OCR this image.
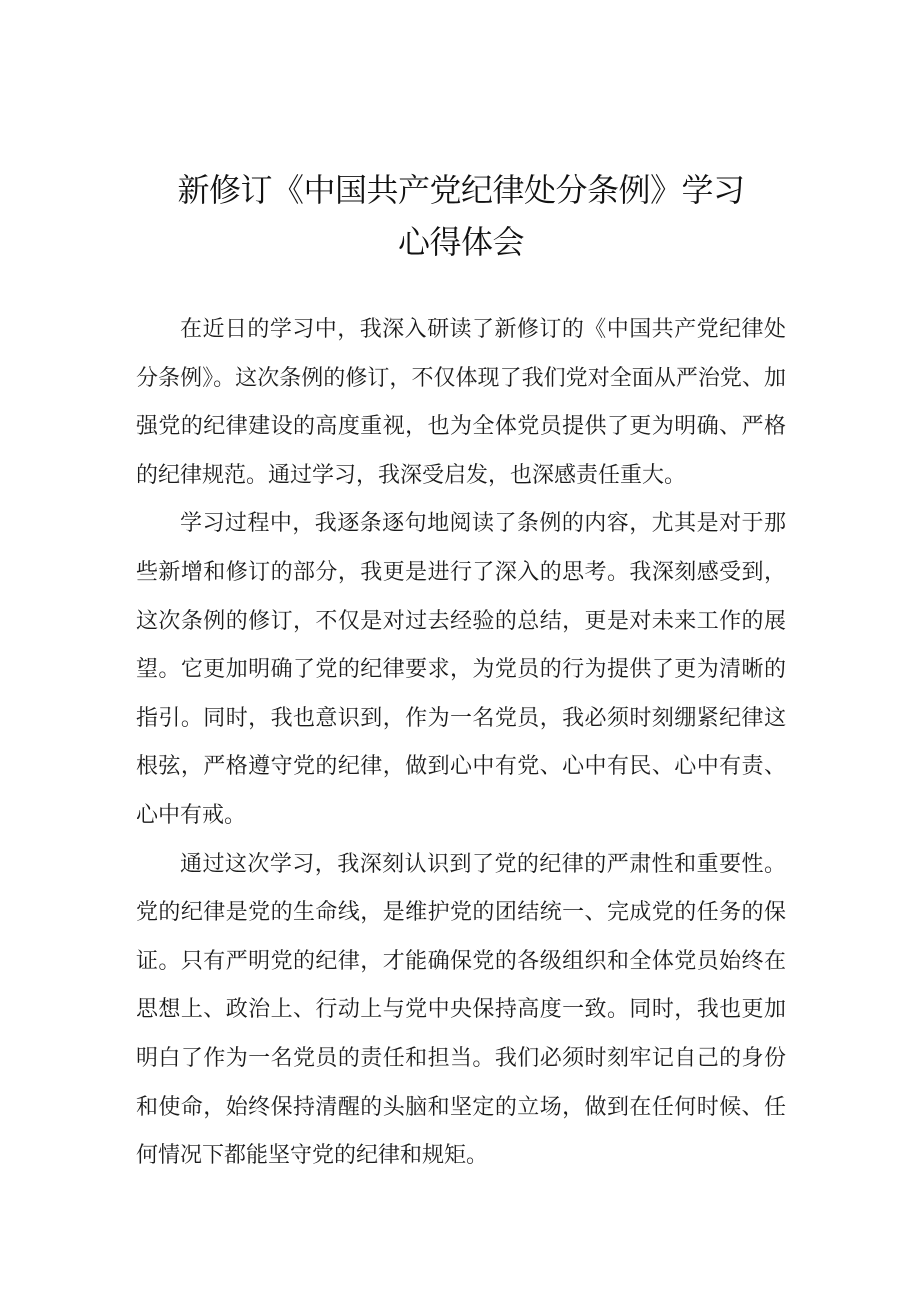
新修订《中国共产党纪律处分条例》学习
心得体会

在近日的学习中，我深入研读了新修订的《中国共产党纪律处分条例》。这次条例的修订，不仅体现了我们党对全面从严治党、加强党的纪律建设的高度重视，也为全体党员提供了更为明确、严格的纪律规范。通过学习，我深受启发，也深感责任重大。

学习过程中，我逐条逐句地阅读了条例的内容，尤其是对于那些新增和修订的部分，我更是进行了深入的思考。我深刻感受到，这次条例的修订，不仅是对过去经验的总结，更是对未来工作的展望。它更加明确了党的纪律要求，为党员的行为提供了更为清晰的指引。同时，我也意识到，作为一名党员，我必须时刻绷紧纪律这根弦，严格遵守党的纪律，做到心中有党、心中有民、心中有责、心中有戒。

通过这次学习，我深刻认识到了党的纪律的严肃性和重要性。党的纪律是党的生命线，是维护党的团结统一、完成党的任务的保证。只有严明党的纪律，才能确保党的各级组织和全体党员始终在思想上、政治上、行动上与党中央保持高度一致。同时，我也更加明白了作为一名党员的责任和担当。我们必须时刻牢记自己的身份和使命，始终保持清醒的头脑和坚定的立场，做到在任何时候、任何情况下都能坚守党的纪律和规矩。
